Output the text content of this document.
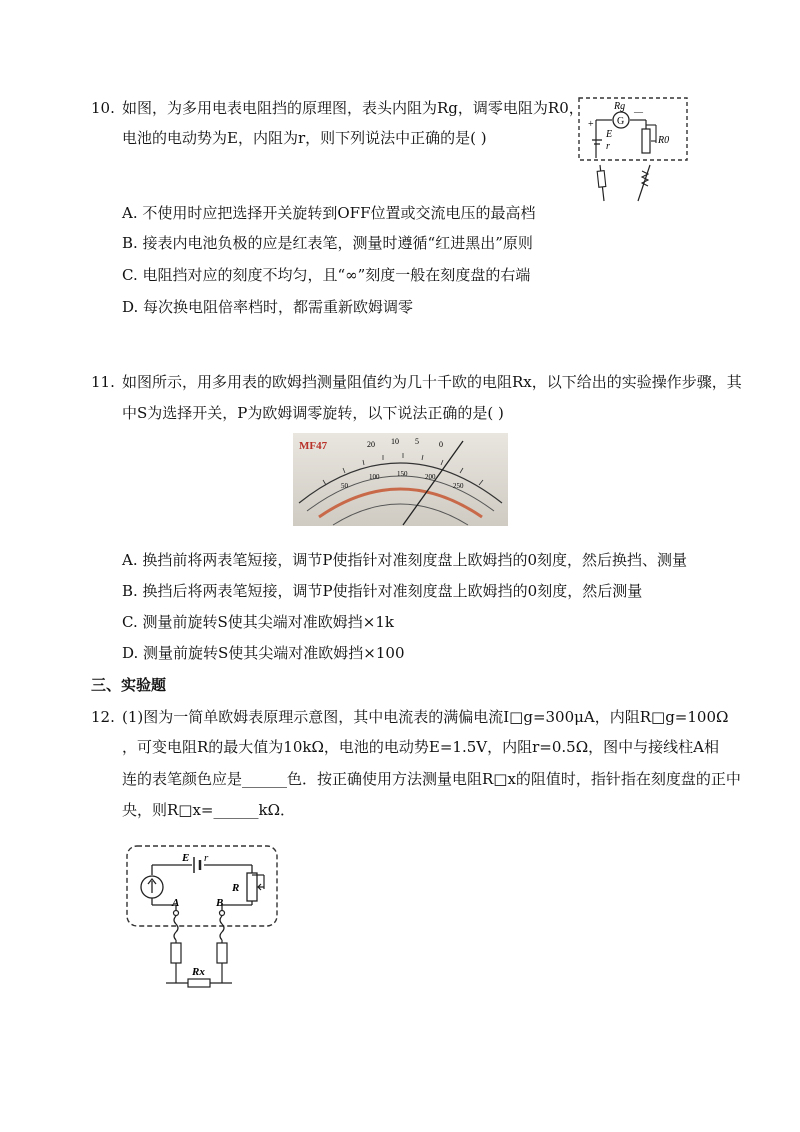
10. 如图，为多用电表电阻挡的原理图，表头内阻为Rg，调零电阻为R0，
电池的电动势为E，内阻为r，则下列说法中正确的是( )
Rg
G
+
—
E
r
R0
A. 不使用时应把选择开关旋转到OFF位置或交流电压的最高档
B. 接表内电池负极的应是红表笔，测量时遵循“红进黑出”原则
C. 电阻挡对应的刻度不均匀，且“∞”刻度一般在刻度盘的右端
D. 每次换电阻倍率档时，都需重新欧姆调零
11. 如图所示，用多用表的欧姆挡测量阻值约为几十千欧的电阻Rx，以下给出的实验操作步骤，其
中S为选择开关，P为欧姆调零旋转，以下说法正确的是( )
MF47	20 10 5	0
50
100	150	200
250
A. 换挡前将两表笔短接，调节P使指针对准刻度盘上欧姆挡的0刻度，然后换挡、测量
B. 换挡后将两表笔短接，调节P使指针对准刻度盘上欧姆挡的0刻度，然后测量
C. 测量前旋转S使其尖端对准欧姆挡×1k
D. 测量前旋转S使其尖端对准欧姆挡×100
三、实验题
12. (1)图为一简单欧姆表原理示意图，其中电流表的满偏电流I□g=300μA，内阻R□g=100Ω
，可变电阻R的最大值为10kΩ，电池的电动势E=1.5V，内阻r=0.5Ω，图中与接线柱A相
连的表笔颜色应是______色．按正确使用方法测量电阻R□x的阻值时，指针指在刻度盘的正中
央，则R□x=______kΩ．
E r
R
A	B
Rx
